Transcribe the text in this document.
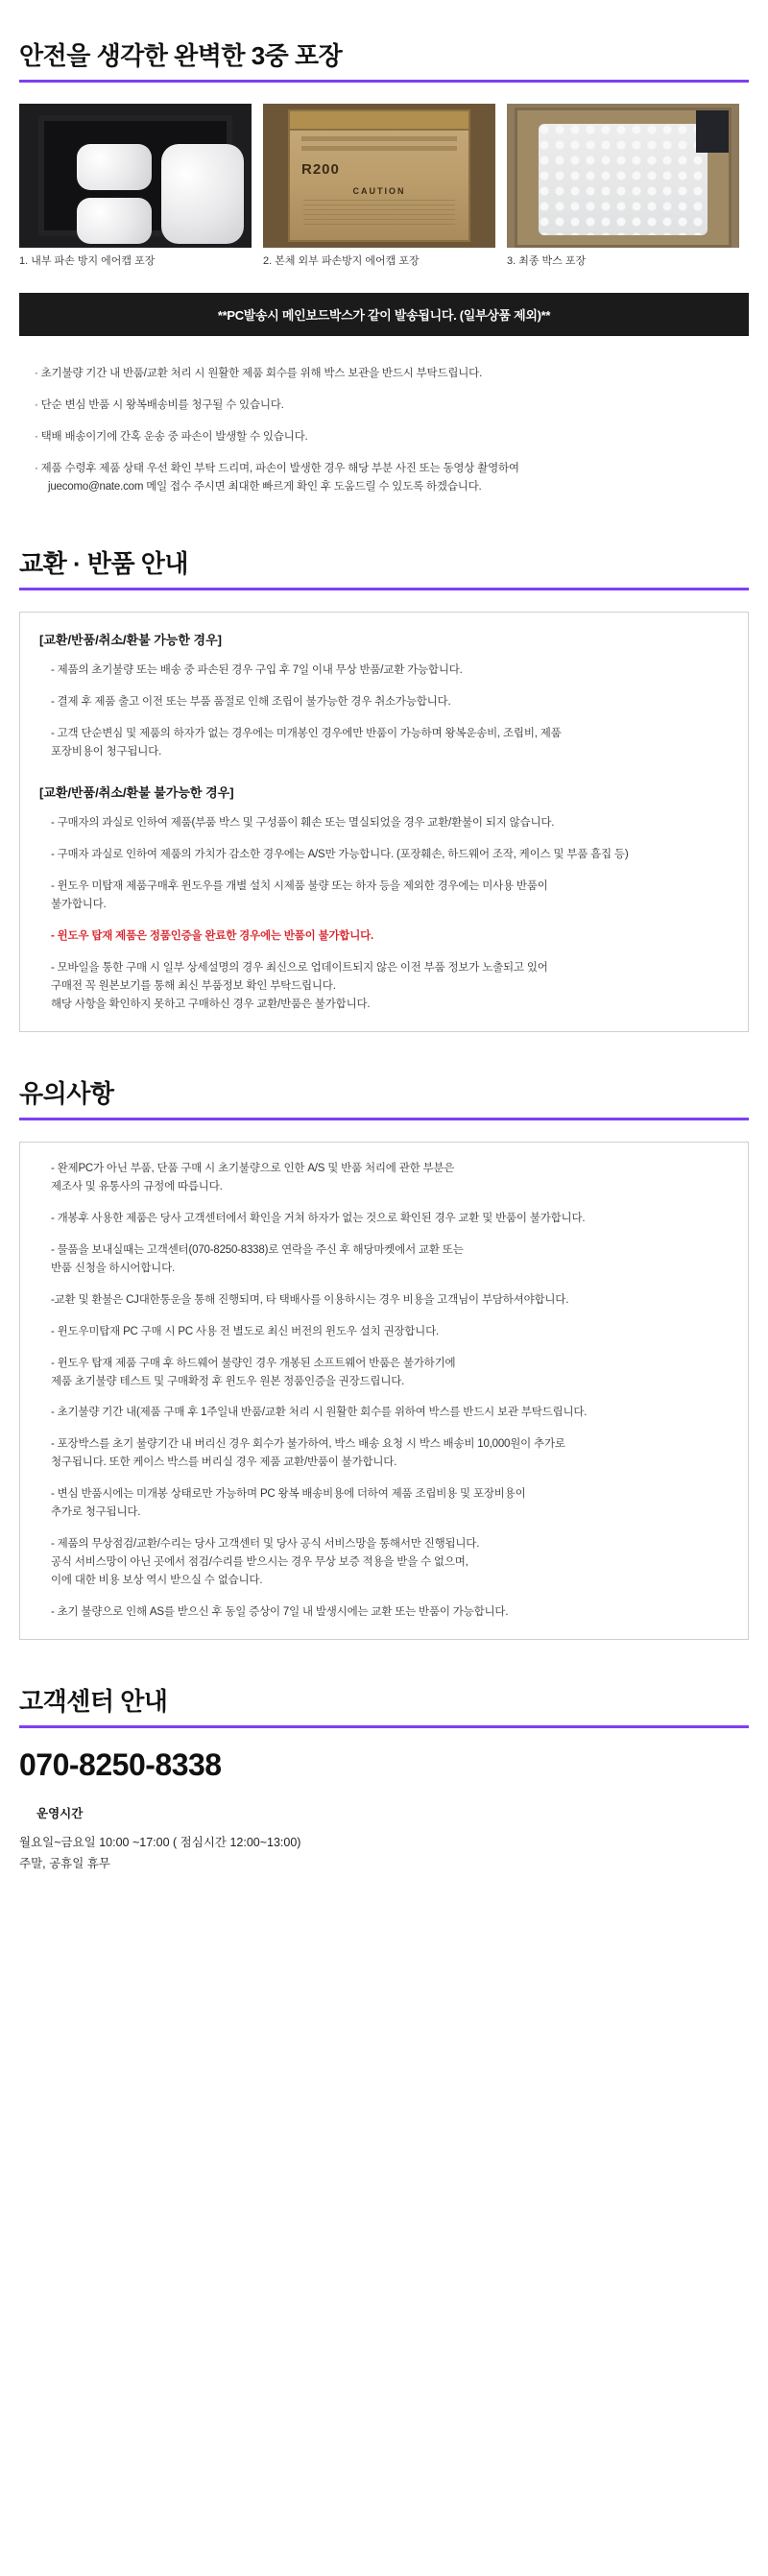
안전을 생각한 완벽한 3중 포장
1. 내부 파손 방지 에어캡 포장
R200
CAUTION
2. 본체 외부 파손방지 에어캡 포장	3. 최종 박스 포장
**PC발송시 메인보드박스가 같이 발송됩니다. (일부상품 제외)**

· 초기불량 기간 내 반품/교환 처리 시 원활한 제품 회수를 위해 박스 보관을 반드시 부탁드립니다.

· 단순 변심 반품 시 왕복배송비를 청구될 수 있습니다.

· 택배 배송이기에 간혹 운송 중 파손이 발생할 수 있습니다.

· 제품 수령후 제품 상태 우선 확인 부탁 드리며, 파손이 발생한 경우 해당 부분 사진 또는 동영상 촬영하여
juecomo@nate.com 메일 접수 주시면 최대한 빠르게 확인 후 도움드릴 수 있도록 하겠습니다.

교환 · 반품 안내

[교환/반품/취소/환불 가능한 경우]

- 제품의 초기불량 또는 배송 중 파손된 경우 구입 후 7일 이내 무상 반품/교환 가능합니다.

- 결제 후 제품 출고 이전 또는 부품 품절로 인해 조립이 불가능한 경우 취소가능합니다.

- 고객 단순변심 및 제품의 하자가 없는 경우에는 미개봉인 경우에만 반품이 가능하며 왕복운송비, 조립비, 제품
포장비용이 청구됩니다.

[교환/반품/취소/환불 불가능한 경우]

- 구매자의 과실로 인하여 제품(부품 박스 및 구성품이 훼손 또는 멸실되었을 경우 교환/환불이 되지 않습니다.

- 구매자 과실로 인하여 제품의 가치가 감소한 경우에는 A/S만 가능합니다. (포장훼손, 하드웨어 조작, 케이스 및 부품 흠집 등)

- 윈도우 미탑재 제품구매후 윈도우를 개별 설치 시제품 불량 또는 하자 등을 제외한 경우에는 미사용 반품이
불가합니다.

- 윈도우 탑재 제품은 정품인증을 완료한 경우에는 반품이 불가합니다.

- 모바일을 통한 구매 시 일부 상세설명의 경우 최신으로 업데이트되지 않은 이전 부품 정보가 노출되고 있어
구매전 꼭 원본보기를 통해 최신 부품정보 확인 부탁드립니다.
해당 사항을 확인하지 못하고 구매하신 경우 교환/반품은 불가합니다.

유의사항

- 완제PC가 아닌 부품, 단품 구매 시 초기불량으로 인한 A/S 및 반품 처리에 관한 부분은
제조사 및 유통사의 규정에 따릅니다.

- 개봉후 사용한 제품은 당사 고객센터에서 확인을 거쳐 하자가 없는 것으로 확인된 경우 교환 및 반품이 불가합니다.

- 물품을 보내실때는 고객센터(070-8250-8338)로 연락을 주신 후 해당마켓에서 교환 또는
반품 신청을 하시어합니다.

-교환 및 환불은 CJ대한통운을 통해 진행되며, 타 택배사를 이용하시는 경우 비용을 고객님이 부담하셔야합니다.

- 윈도우미탑재 PC 구매 시 PC 사용 전 별도로 최신 버전의 윈도우 설치 권장합니다.

- 윈도우 탑재 제품 구매 후 하드웨어 불량인 경우 개봉된 소프트웨어 반품은 불가하기에
제품 초기불량 테스트 및 구매확정 후 윈도우 원본 정품인증을 권장드립니다.

- 초기불량 기간 내(제품 구매 후 1주일내 반품/교환 처리 시 원활한 회수를 위하여 박스를 반드시 보관 부탁드립니다.

- 포장박스를 초기 불량기간 내 버리신 경우 회수가 불가하여, 박스 배송 요청 시 박스 배송비 10,000원이 추가로
청구됩니다. 또한 케이스 박스를 버리실 경우 제품 교환/반품이 불가합니다.

- 변심 반품시에는 미개봉 상태로만 가능하며 PC 왕복 배송비용에 더하여 제품 조립비용 및 포장비용이
추가로 청구됩니다.

- 제품의 무상점검/교환/수리는 당사 고객센터 및 당사 공식 서비스망을 통해서만 진행됩니다.
공식 서비스망이 아닌 곳에서 점검/수리를 받으시는 경우 무상 보증 적용을 받을 수 없으며,
이에 대한 비용 보상 역시 받으실 수 없습니다.

- 초기 불량으로 인해 AS를 받으신 후 동일 증상이 7일 내 발생시에는 교환 또는 반품이 가능합니다.

고객센터 안내
070-8250-8338
운영시간
월요일~금요일 10:00 ~17:00 ( 점심시간 12:00~13:00)
주말, 공휴일 휴무
